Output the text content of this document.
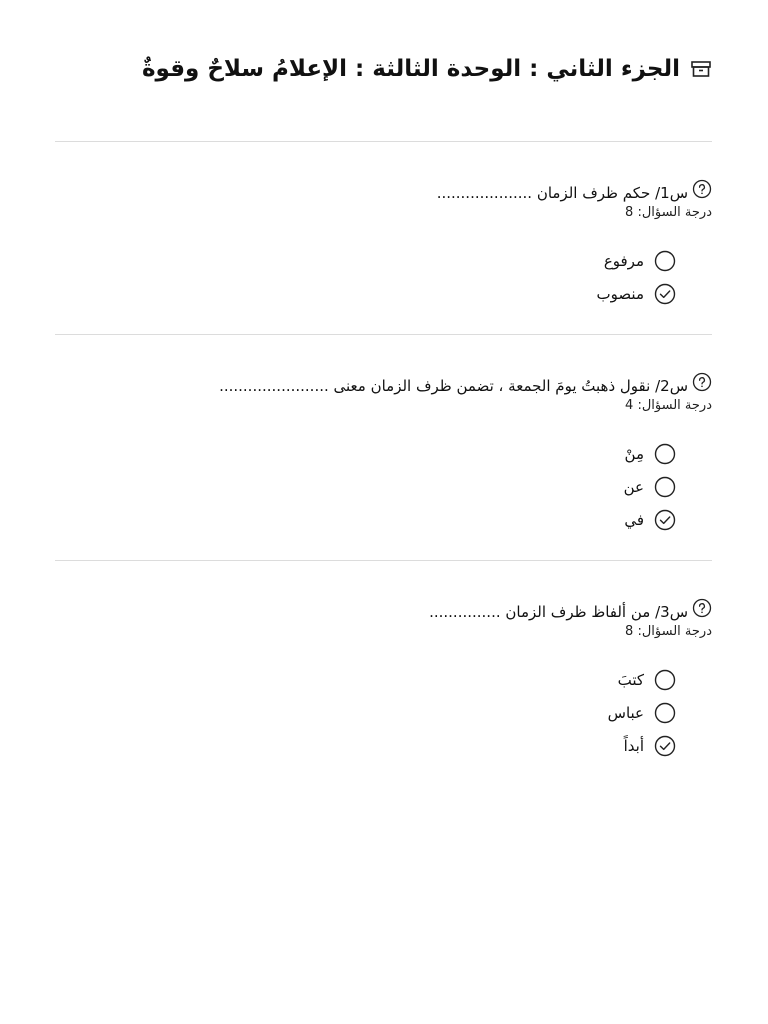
الجزء الثاني : الوحدة الثالثة : الإعلامُ سلاحٌ وقوةٌ
س1/ حكم ظرف الزمان ....................
درجة السؤال: 8
مرفوع
منصوب
س2/ نقول ذهبتُ يومَ الجمعة ، تضمن ظرف الزمان معنى .......................
درجة السؤال: 4
مِنْ
عن
في
س3/ من ألفاظ ظرف الزمان ...............
درجة السؤال: 8
كتبَ
عباس
أبداً
